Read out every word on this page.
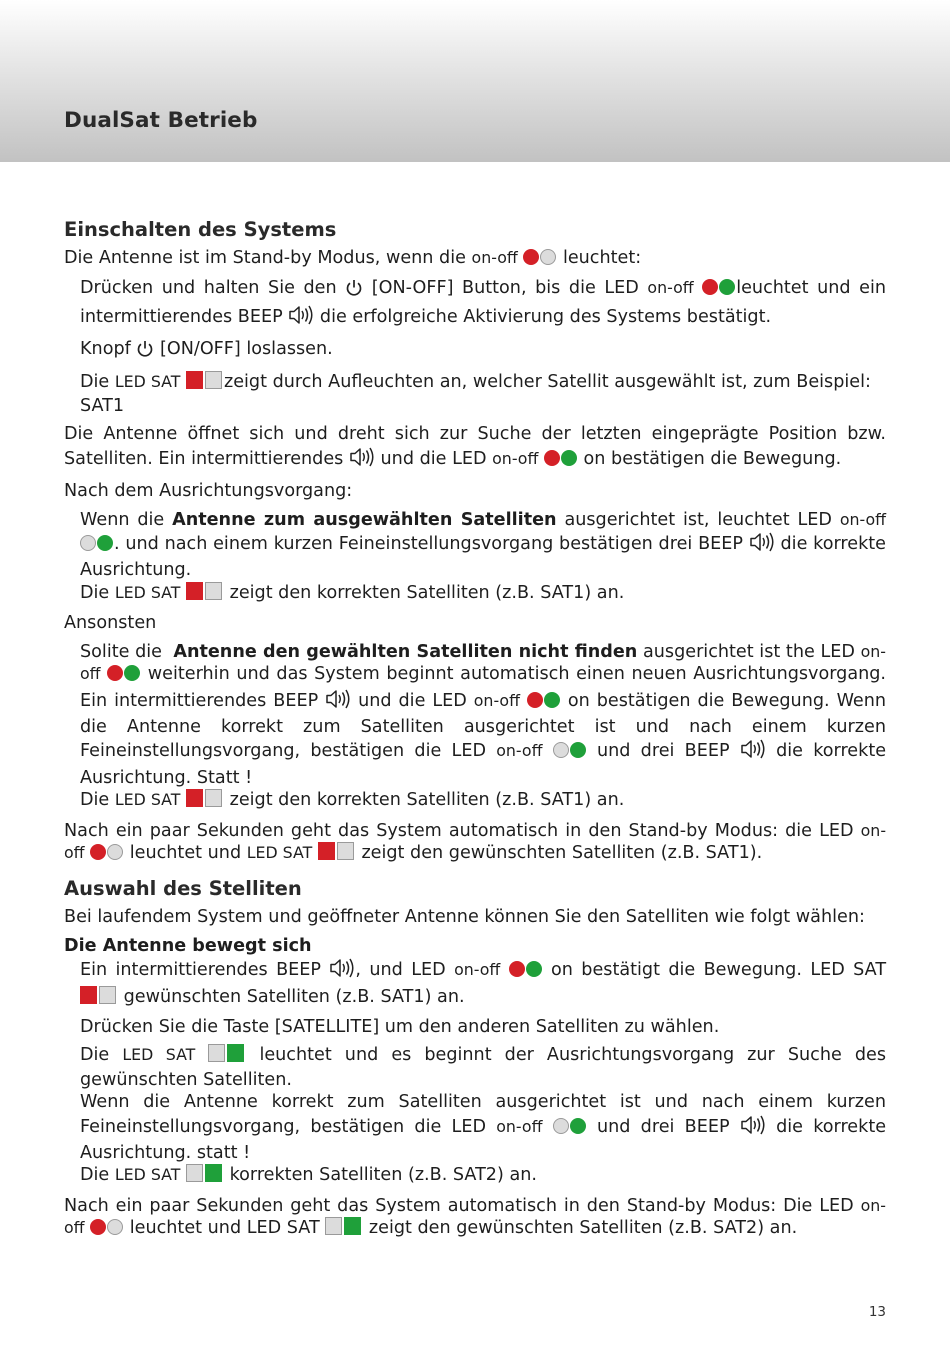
DualSat Betrieb
Einschalten des Systems

Die Antenne ist im Stand-by Modus, wenn die on-off	leuchtet:

Drücken und halten Sie den [ON-OFF] Button, bis die LED on-off leuchtet und ein intermittierendes BEEP die erfolgreiche Aktivierung des Systems bestätigt.

Knopf [ON/OFF] loslassen.

Die LED SAT zeigt durch Aufleuchten an, welcher Satellit ausgewählt ist, zum Beispiel: SAT1

Die Antenne öffnet sich und dreht sich zur Suche der letzten eingeprägte Position bzw. Satelliten. Ein intermittierendes und die LED on-off	on bestätigen die Bewegung.

Nach dem Ausrichtungsvorgang:

Wenn die Antenne zum ausgewählten Satelliten ausgerichtet ist, leuchtet LED on-off . und nach einem kurzen Feineinstellungsvorgang bestätigen drei BEEP die korrekte Ausrichtung.

Die LED SAT	zeigt den korrekten Satelliten (z.B. SAT1) an.

Ansonsten

Solite die Antenne den gewählten Satelliten nicht finden ausgerichtet ist the LED on-off	weiterhin und das System beginnt automatisch einen neuen Ausrichtungsvorgang. Ein intermittierendes BEEP und die LED on-off	on bestätigen die Bewegung. Wenn die Antenne korrekt zum Satelliten ausgerichtet ist und nach einem kurzen Feineinstellungsvorgang, bestätigen die LED on-off	und drei BEEP	die korrekte Ausrichtung. Statt !

Die LED SAT	zeigt den korrekten Satelliten (z.B. SAT1) an.

Nach ein paar Sekunden geht das System automatisch in den Stand-by Modus: die LED on-off	leuchtet und LED SAT	zeigt den gewünschten Satelliten (z.B. SAT1).

Auswahl des Stelliten

Bei laufendem System und geöffneter Antenne können Sie den Satelliten wie folgt wählen:

Die Antenne bewegt sich

Ein intermittierendes BEEP , und LED on-off	on bestätigt die Bewegung. LED SAT  gewünschten Satelliten (z.B. SAT1) an.

Drücken Sie die Taste [SATELLITE] um den anderen Satelliten zu wählen.

Die LED SAT	leuchtet und es beginnt der Ausrichtungsvorgang zur Suche des gewünschten Satelliten.

Wenn die Antenne korrekt zum Satelliten ausgerichtet ist und nach einem kurzen Feineinstellungsvorgang, bestätigen die LED on-off	und drei BEEP	die korrekte Ausrichtung. statt !

Die LED SAT	korrekten Satelliten (z.B. SAT2) an.

Nach ein paar Sekunden geht das System automatisch in den Stand-by Modus: Die LED on-off	leuchtet und LED SAT	zeigt den gewünschten Satelliten (z.B. SAT2) an.

13
